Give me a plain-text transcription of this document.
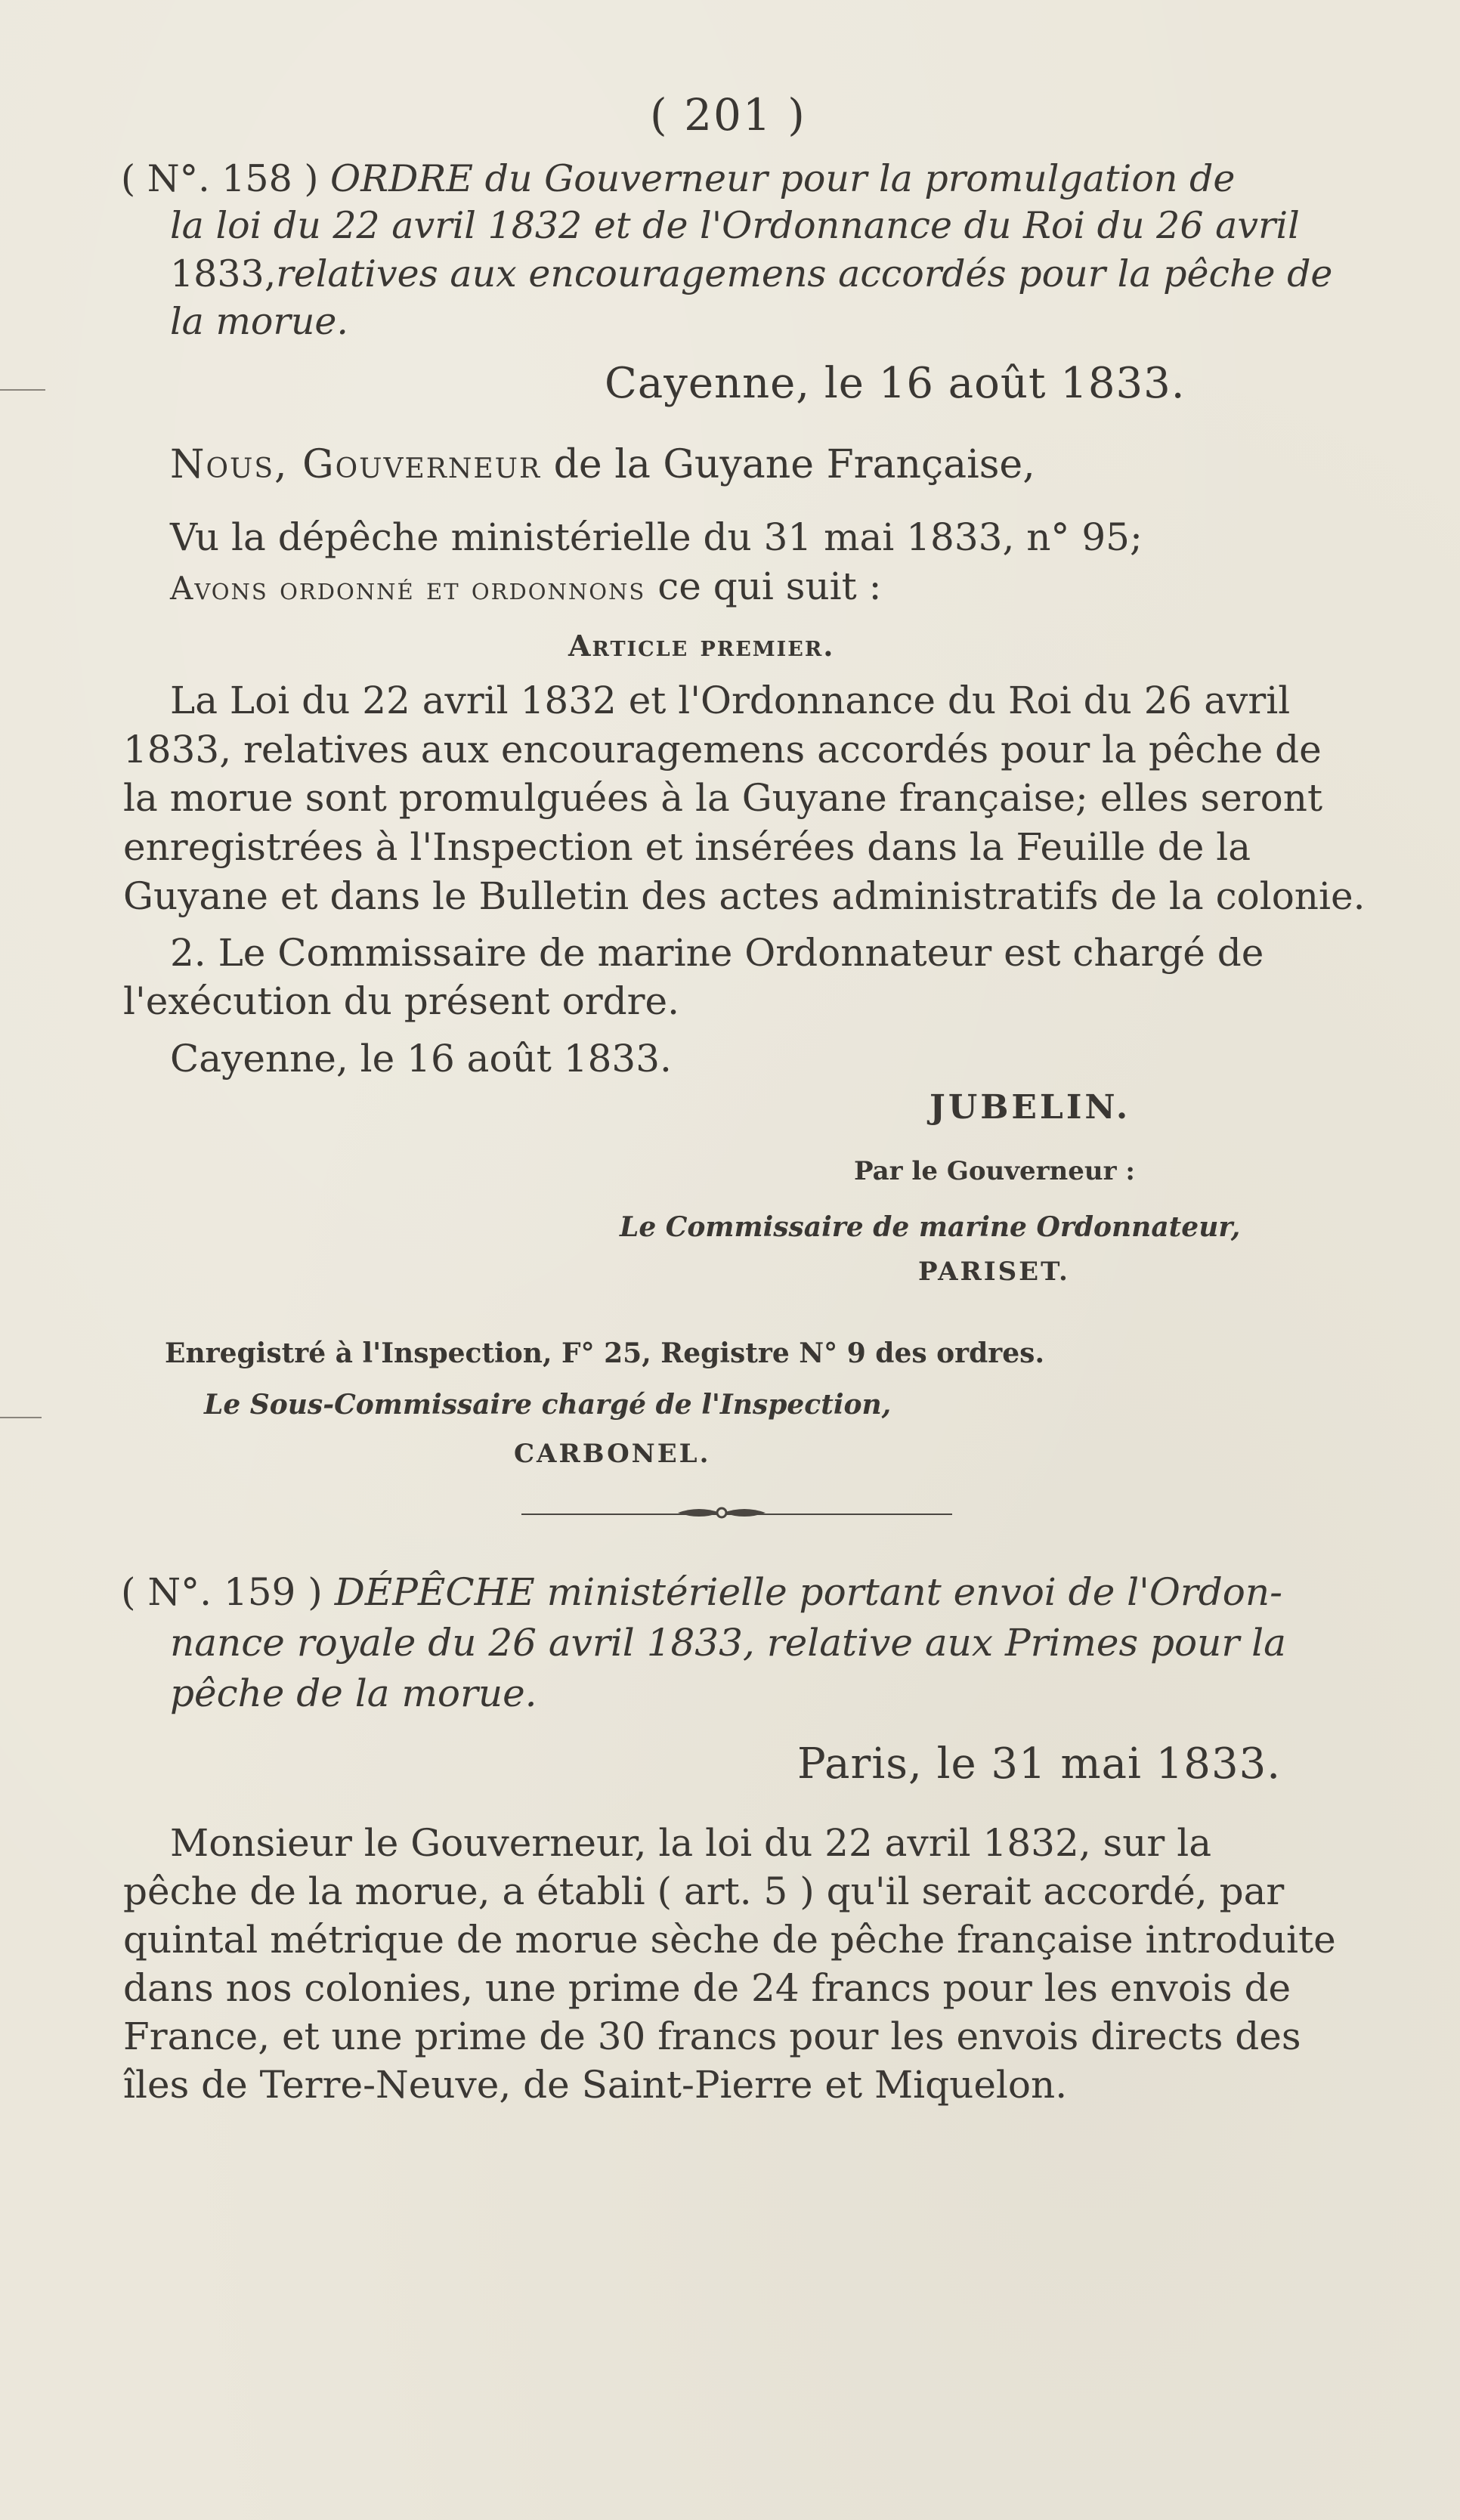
( 201 )
( N°. 158 ) ORDRE du Gouverneur pour la promulgation de
la loi du 22 avril 1832 et de l'Ordonnance du Roi du 26 avril
1833,relatives aux encouragemens accordés pour la pêche de
la morue.
Cayenne, le 16 août 1833.
Nous, Gouverneur de la Guyane Française,
Vu la dépêche ministérielle du 31 mai 1833, n° 95;
Avons ordonné et ordonnons ce qui suit :
Article premier.
La Loi du 22 avril 1832 et l'Ordonnance du Roi du 26 avril
1833, relatives aux encouragemens accordés pour la pêche de
la morue sont promulguées à la Guyane française; elles seront
enregistrées à l'Inspection et insérées dans la Feuille de la
Guyane et dans le Bulletin des actes administratifs de la colonie.
2. Le Commissaire de marine Ordonnateur est chargé de
l'exécution du présent ordre.
Cayenne, le 16 août 1833.
JUBELIN.
Par le Gouverneur :
Le Commissaire de marine Ordonnateur,
PARISET.
Enregistré à l'Inspection, F° 25, Registre N° 9 des ordres.
Le Sous-Commissaire chargé de l'Inspection,
CARBONEL.
( N°. 159 ) DÉPÊCHE ministérielle portant envoi de l'Ordon-
nance royale du 26 avril 1833, relative aux Primes pour la
pêche de la morue.
Paris, le 31 mai 1833.
Monsieur le Gouverneur, la loi du 22 avril 1832, sur la
pêche de la morue, a établi ( art. 5 ) qu'il serait accordé, par
quintal métrique de morue sèche de pêche française introduite
dans nos colonies, une prime de 24 francs pour les envois de
France, et une prime de 30 francs pour les envois directs des
îles de Terre-Neuve, de Saint-Pierre et Miquelon.
